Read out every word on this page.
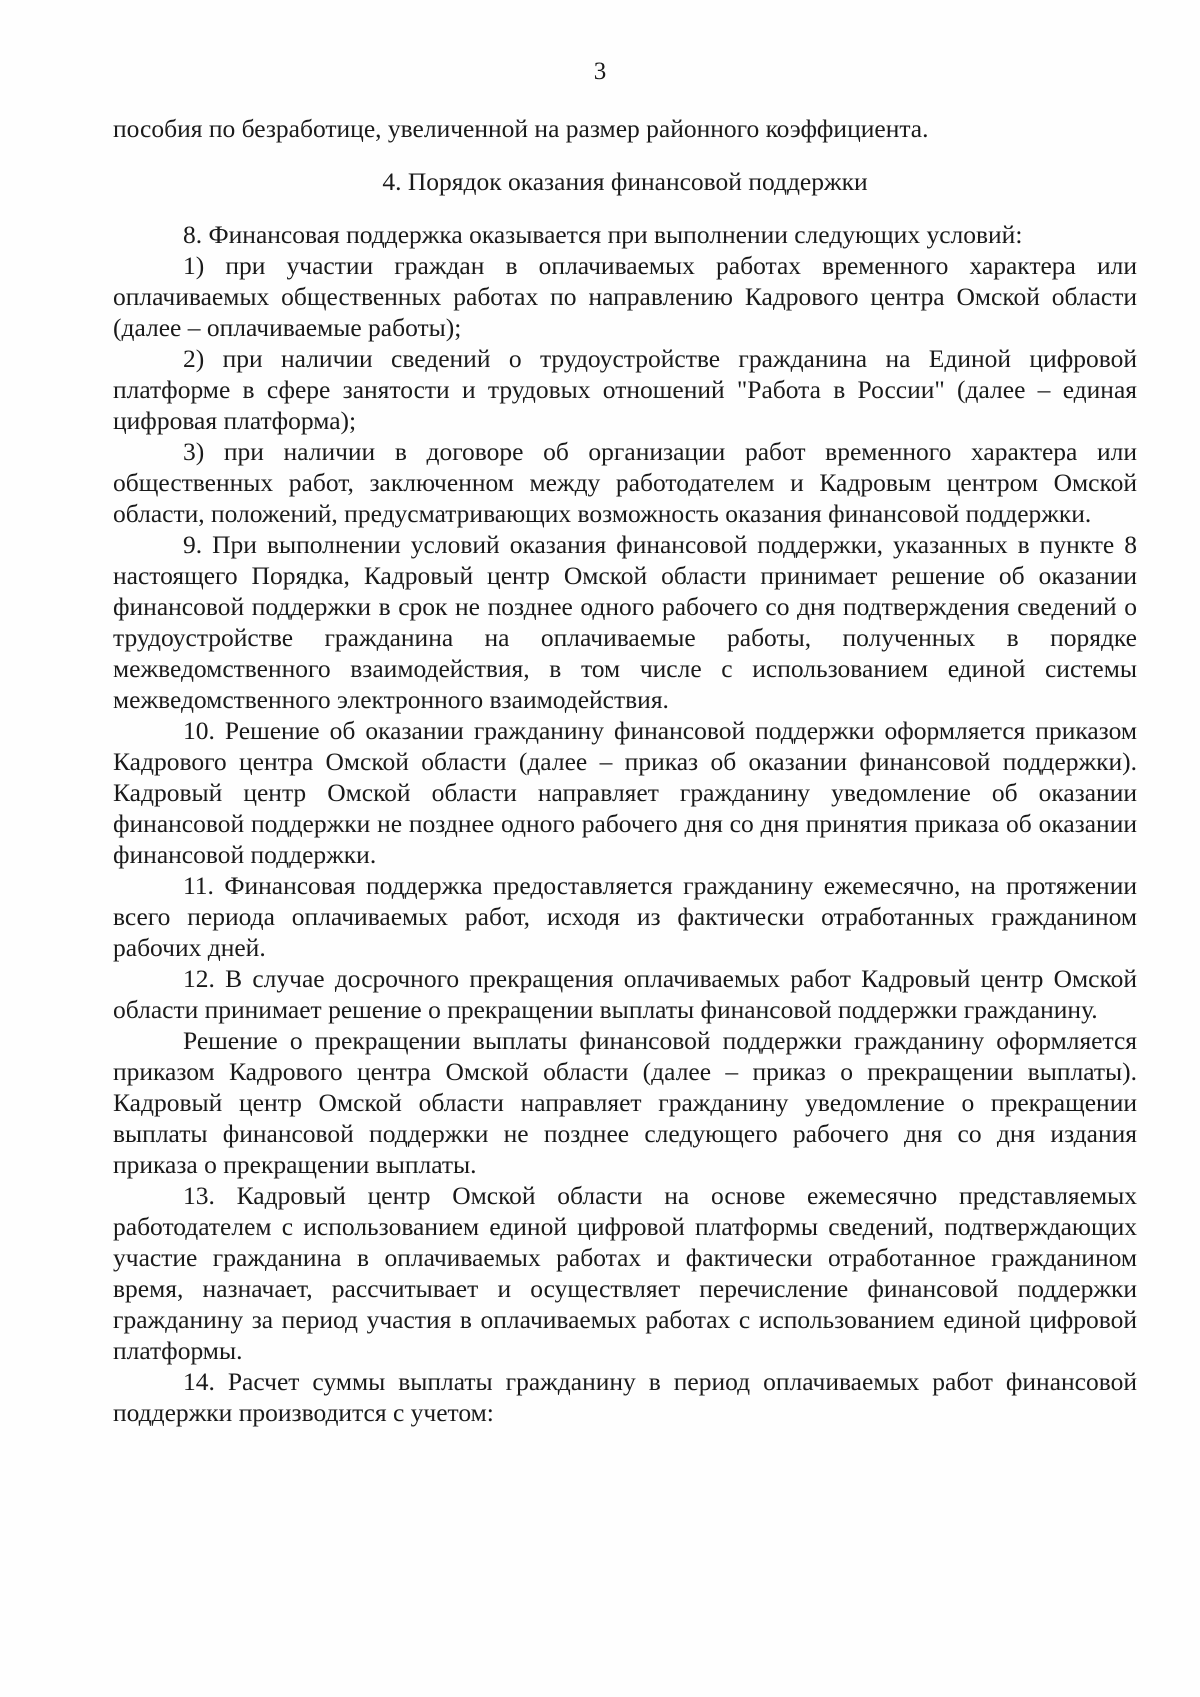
3

пособия по безработице, увеличенной на размер районного коэффициента.

4. Порядок оказания финансовой поддержки

8. Финансовая поддержка оказывается при выполнении следующих условий:

1) при участии граждан в оплачиваемых работах временного характера или оплачиваемых общественных работах по направлению Кадрового центра Омской области (далее – оплачиваемые работы);

2) при наличии сведений о трудоустройстве гражданина на Единой цифровой платформе в сфере занятости и трудовых отношений "Работа в России" (далее – единая цифровая платформа);

3) при наличии в договоре об организации работ временного характера или общественных работ, заключенном между работодателем и Кадровым центром Омской области, положений, предусматривающих возможность оказания финансовой поддержки.

9. При выполнении условий оказания финансовой поддержки, указанных в пункте 8 настоящего Порядка, Кадровый центр Омской области принимает решение об оказании финансовой поддержки в срок не позднее одного рабочего со дня подтверждения сведений о трудоустройстве гражданина на оплачиваемые работы, полученных в порядке межведомственного взаимодействия, в том числе с использованием единой системы межведомственного электронного взаимодействия.

10. Решение об оказании гражданину финансовой поддержки оформляется приказом Кадрового центра Омской области (далее – приказ об оказании финансовой поддержки). Кадровый центр Омской области направляет гражданину уведомление об оказании финансовой поддержки не позднее одного рабочего дня со дня принятия приказа об оказании финансовой поддержки.

11. Финансовая поддержка предоставляется гражданину ежемесячно, на протяжении всего периода оплачиваемых работ, исходя из фактически отработанных гражданином рабочих дней.

12. В случае досрочного прекращения оплачиваемых работ Кадровый центр Омской области принимает решение о прекращении выплаты финансовой поддержки гражданину.

Решение о прекращении выплаты финансовой поддержки гражданину оформляется приказом Кадрового центра Омской области (далее – приказ о прекращении выплаты). Кадровый центр Омской области направляет гражданину уведомление о прекращении выплаты финансовой поддержки не позднее следующего рабочего дня со дня издания приказа о прекращении выплаты.

13. Кадровый центр Омской области на основе ежемесячно представляемых работодателем с использованием единой цифровой платформы сведений, подтверждающих участие гражданина в оплачиваемых работах и фактически отработанное гражданином время, назначает, рассчитывает и осуществляет перечисление финансовой поддержки гражданину за период участия в оплачиваемых работах с использованием единой цифровой платформы.

14. Расчет суммы выплаты гражданину в период оплачиваемых работ финансовой поддержки производится с учетом:
